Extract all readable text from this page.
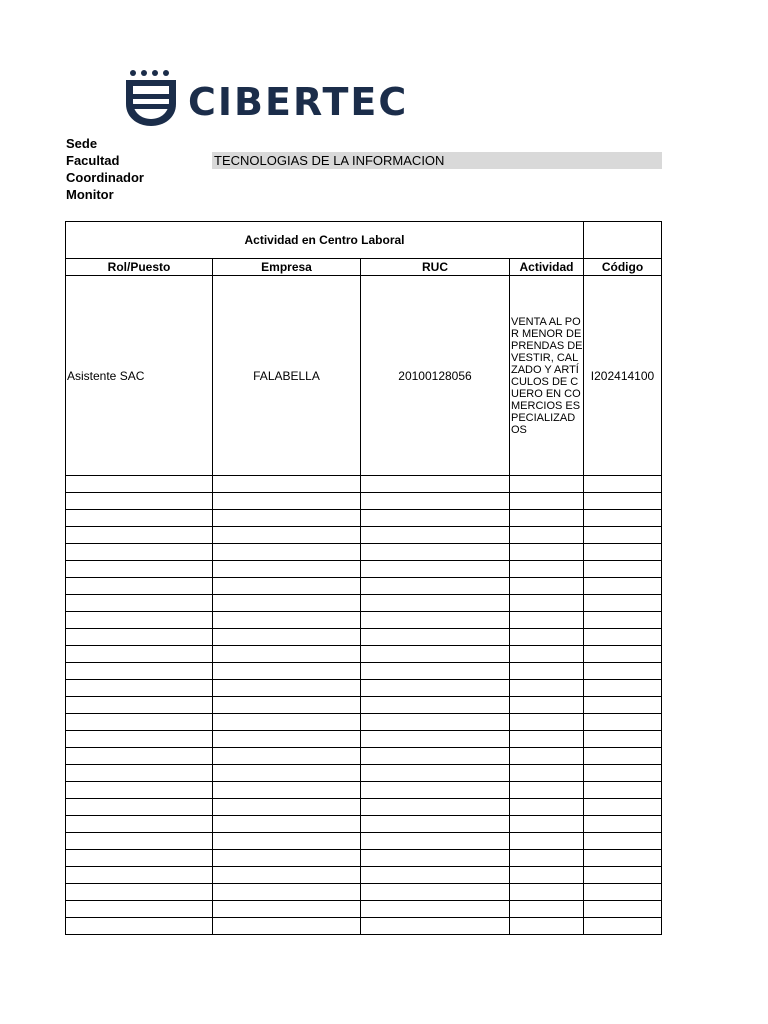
CIBERTEC
Sede
Facultad	TECNOLOGIAS DE LA INFORMACION
Coordinador
Monitor
Actividad en Centro Laboral				
Rol/Puesto	Empresa	RUC	Actividad	Código
Asistente SAC	FALABELLA	20100128056	VENTA AL POR MENOR DE PRENDAS DE VESTIR, CALZADO Y ARTÍCULOS DE CUERO EN COMERCIOS ESPECIALIZADOS	I202414100
